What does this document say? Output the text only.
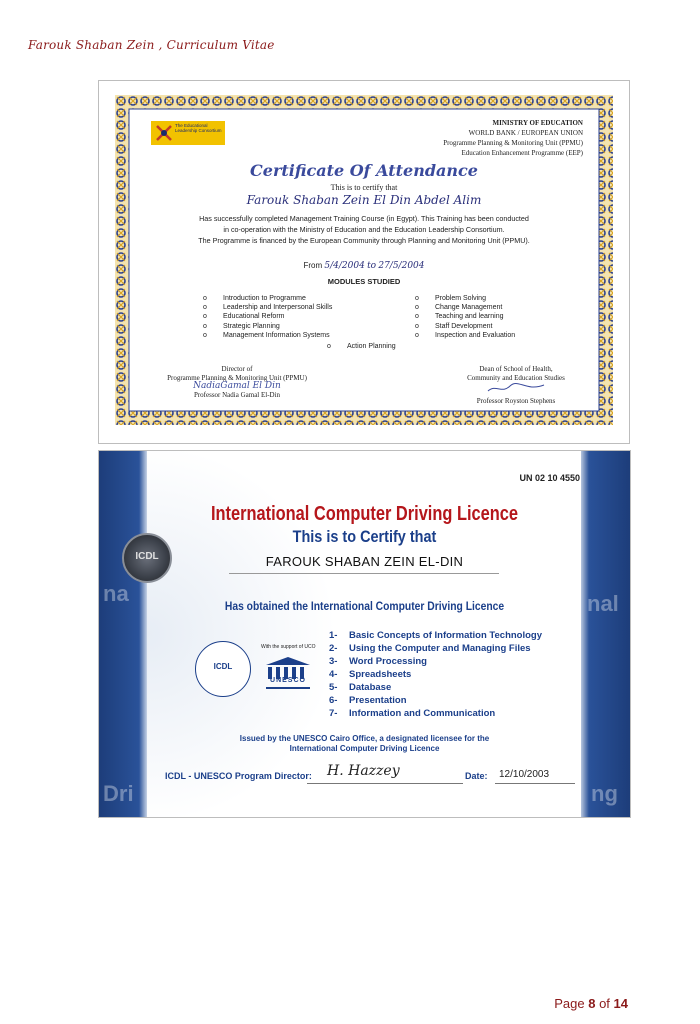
Farouk Shaban Zein , Curriculum Vitae
The Educational Leadership Consortium
MINISTRY OF EDUCATION
WORLD BANK / EUROPEAN UNION
Programme Planning & Monitoring Unit (PPMU)
Education Enhancement Programme (EEP)
Certificate Of Attendance
This is to certify that
Farouk Shaban Zein El Din Abdel Alim
Has successfully completed Management Training Course (in Egypt). This Training has been conducted
in co-operation with the Ministry of Education and the Education Leadership Consortium.
The Programme is financed by the European Community through Planning and Monitoring Unit (PPMU).
From 5/4/2004 to 27/5/2004
MODULES STUDIED
o Introduction to Programme
o Leadership and Interpersonal Skills
o Educational Reform
o Strategic Planning
o Management Information Systems
o Problem Solving
o Change Management
o Teaching and learning
o Staff Development
o Inspection and Evaluation
o Action Planning
Director of
Programme Planning & Monitoring Unit (PPMU)
NadiaGamal El Din
Professor Nadia Gamal El-Din
Dean of School of Health,
Community and Education Studies
Professor Royston Stephens
na
Dri
nal
ng
UN 02 10 4550
ICDL
International Computer Driving Licence
This is to Certify that
FAROUK SHABAN ZEIN EL-DIN
Has obtained the International Computer Driving Licence
ICDL
With the support of UCO
UNESCO
1- Basic Concepts of Information Technology
2- Using the Computer and Managing Files
3- Word Processing
4- Spreadsheets
5- Database
6- Presentation
7- Information and Communication
Issued by the UNESCO Cairo Office, a designated licensee for the
International Computer Driving Licence
ICDL - UNESCO Program Director: H. Hazzey	Date: 12/10/2003
Page 8 of 14
